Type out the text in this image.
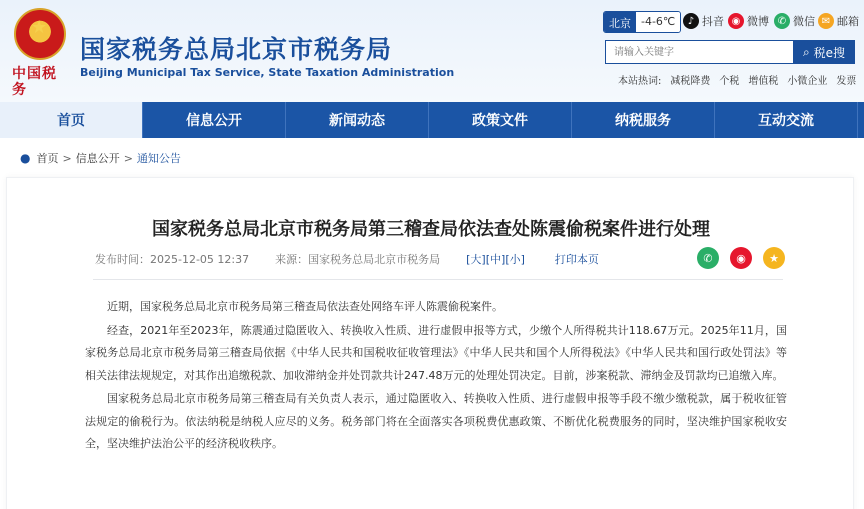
★
中国税务
国家税务总局北京市税务局
Beijing Municipal Tax Service, State Taxation Administration
北京 -4-6℃	♪ 抖音 ◉ 微博 ✆ 微信 ✉ 邮箱
请输入关键字
⌕ 税e搜
本站热词: 减税降费 个税 增值税 小微企业 发票
首页	信息公开	新闻动态	政策文件	纳税服务	互动交流
● 首页 > 信息公开 > 通知公告
国家税务总局北京市税务局第三稽查局依法查处陈震偷税案件进行处理
发布时间： 2025-12-05 12:37 来源： 国家税务总局北京市税务局 [大] [中] [小]	打印本页	✆	◉	★

近期，国家税务总局北京市税务局第三稽查局依法查处网络车评人陈震偷税案件。

经查，2021年至2023年，陈震通过隐匿收入、转换收入性质、进行虚假申报等方式，少缴个人所得税共计118.67万元。2025年11月，国家税务总局北京市税务局第三稽查局依据《中华人民共和国税收征收管理法》《中华人民共和国个人所得税法》《中华人民共和国行政处罚法》等相关法律法规规定，对其作出追缴税款、加收滞纳金并处罚款共计247.48万元的处理处罚决定。目前，涉案税款、滞纳金及罚款均已追缴入库。

国家税务总局北京市税务局第三稽查局有关负责人表示，通过隐匿收入、转换收入性质、进行虚假申报等手段不缴少缴税款，属于税收征管法规定的偷税行为。依法纳税是纳税人应尽的义务。税务部门将在全面落实各项税费优惠政策、不断优化税费服务的同时，坚决维护国家税收安全，坚决维护法治公平的经济税收秩序。
